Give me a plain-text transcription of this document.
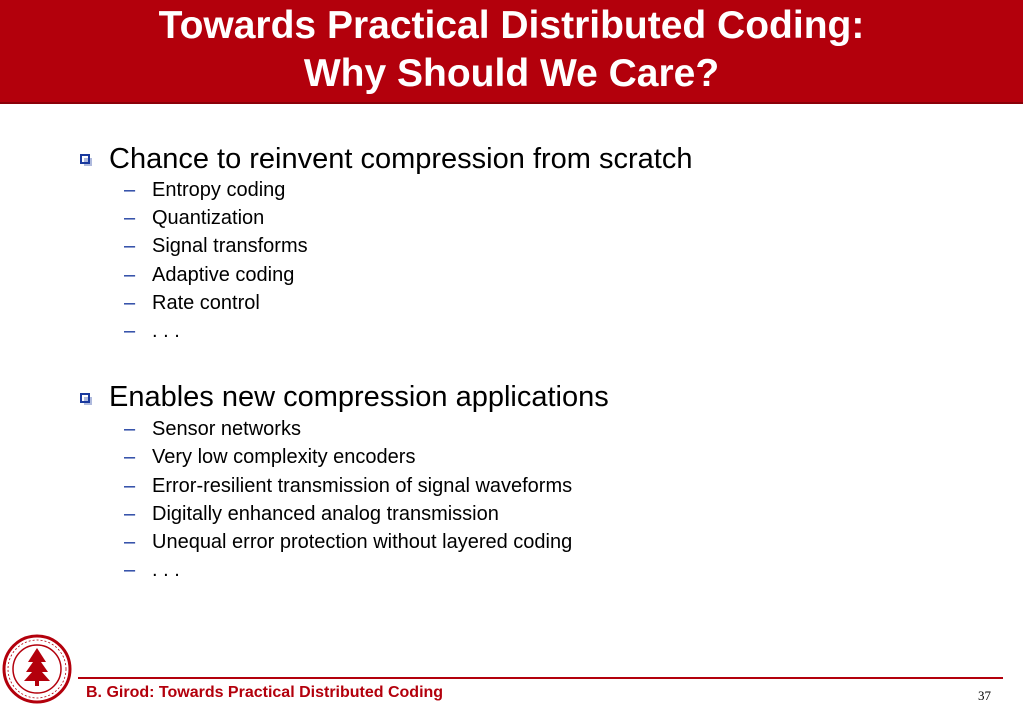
Towards Practical Distributed Coding:
Why Should We Care?
Chance to reinvent compression from scratch
– Entropy coding
– Quantization
– Signal transforms
– Adaptive coding
– Rate control
– . . .
Enables new compression applications
– Sensor networks
– Very low complexity encoders
– Error-resilient transmission of signal waveforms
– Digitally enhanced analog transmission
– Unequal error protection without layered coding
– . . .
B. Girod: Towards Practical Distributed Coding	37
